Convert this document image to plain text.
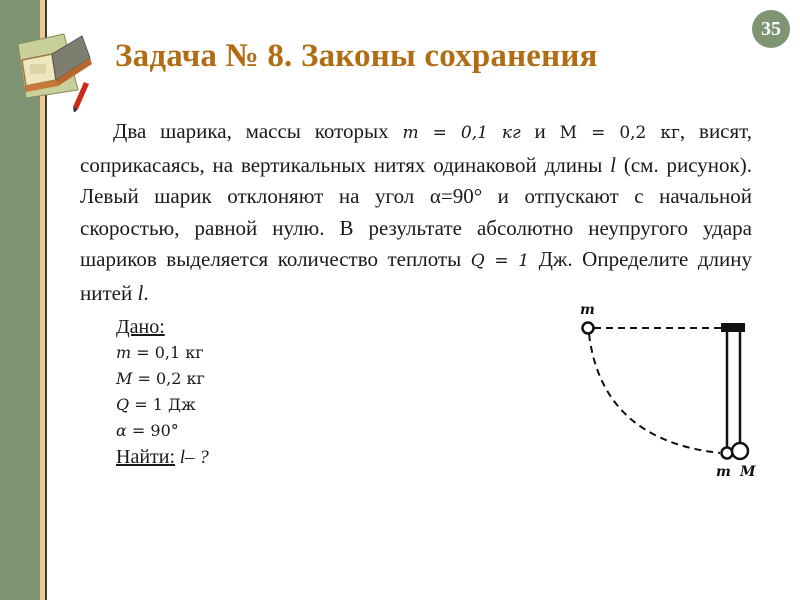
35
Задача № 8. Законы сохранения
Два шарика, массы которых m = 0,1 кг и M = 0,2 кг, висят, соприкасаясь, на вертикальных нитях одинаковой длины l (см. рисунок). Левый шарик отклоняют на угол α=90° и отпускают с начальной скоростью, равной нулю. В результате абсолютно неупругого удара шариков выделяется количество теплоты Q = 1 Дж. Определите длину нитей l.
Дано:
m = 0,1 кг
M = 0,2 кг
Q = 1 Дж
α = 90°
Найти: l– ?
m
m M
